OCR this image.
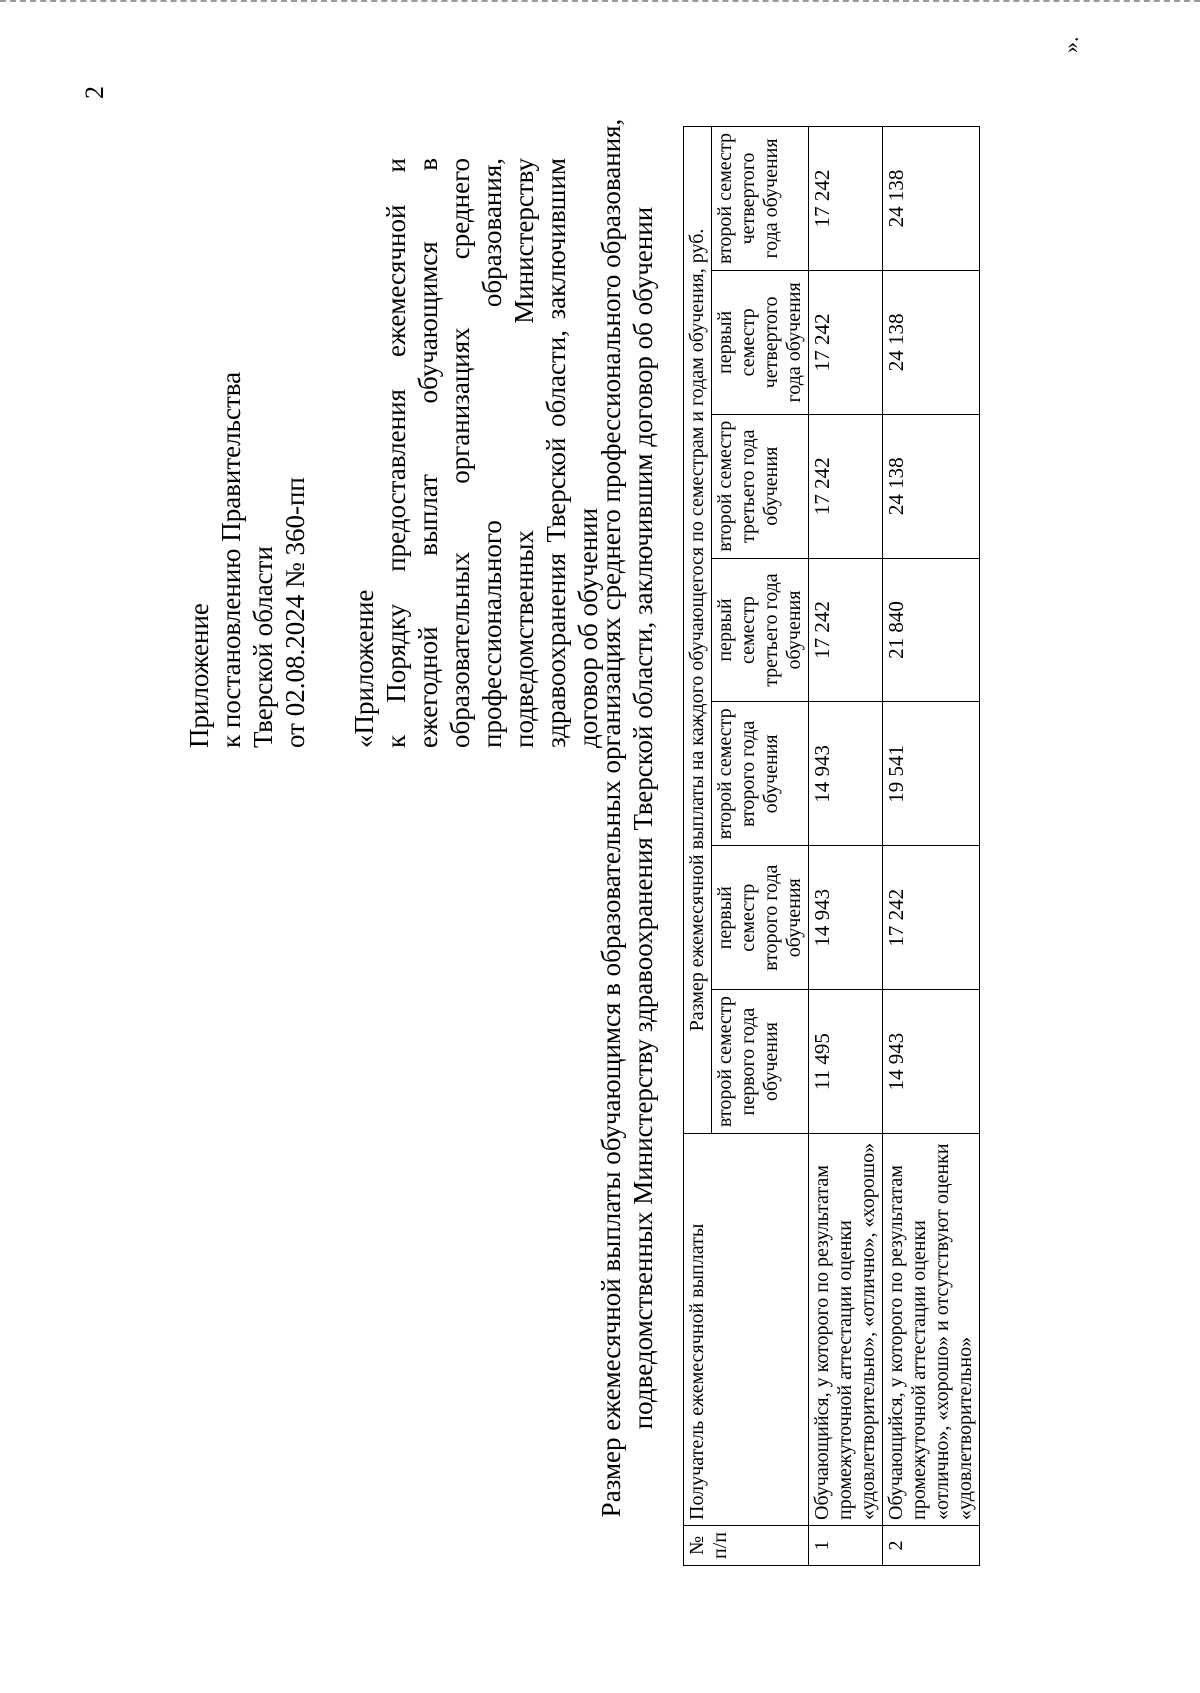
2
Приложение к постановлению Правительства Тверской области от 02.08.2024 № 360-пп «Приложение к Порядку предоставления ежемесячной и ежегодной выплат обучающимся в образовательных организациях среднего профессионального образования, подведомственных Министерству здравоохранения Тверской области, заключившим договор об обучении
Размер ежемесячной выплаты обучающимся в образовательных организациях среднего профессионального образования, подведомственных Министерству здравоохранения Тверской области, заключившим договор об обучении
№ п/п	Получатель ежемесячной выплаты	Размер ежемесячной выплаты на каждого обучающегося по семестрам и годам обучения, руб.						
		второй семестр первого года обучения	первый семестр второго года обучения	второй семестр второго года обучения	первый семестр третьего года обучения	второй семестр третьего года обучения	первый семестр четвертого года обучения	второй семестр четвертого года обучения
1	Обучающийся, у которого по результатам промежуточной аттестации оценки «удовлетворительно», «отлично», «хорошо»	11 495	14 943	14 943	17 242	17 242	17 242	17 242
2	Обучающийся, у которого по результатам промежуточной аттестации оценки «отлично», «хорошо» и отсутствуют оценки «удовлетворительно»	14 943	17 242	19 541	21 840	24 138	24 138	24 138
».
